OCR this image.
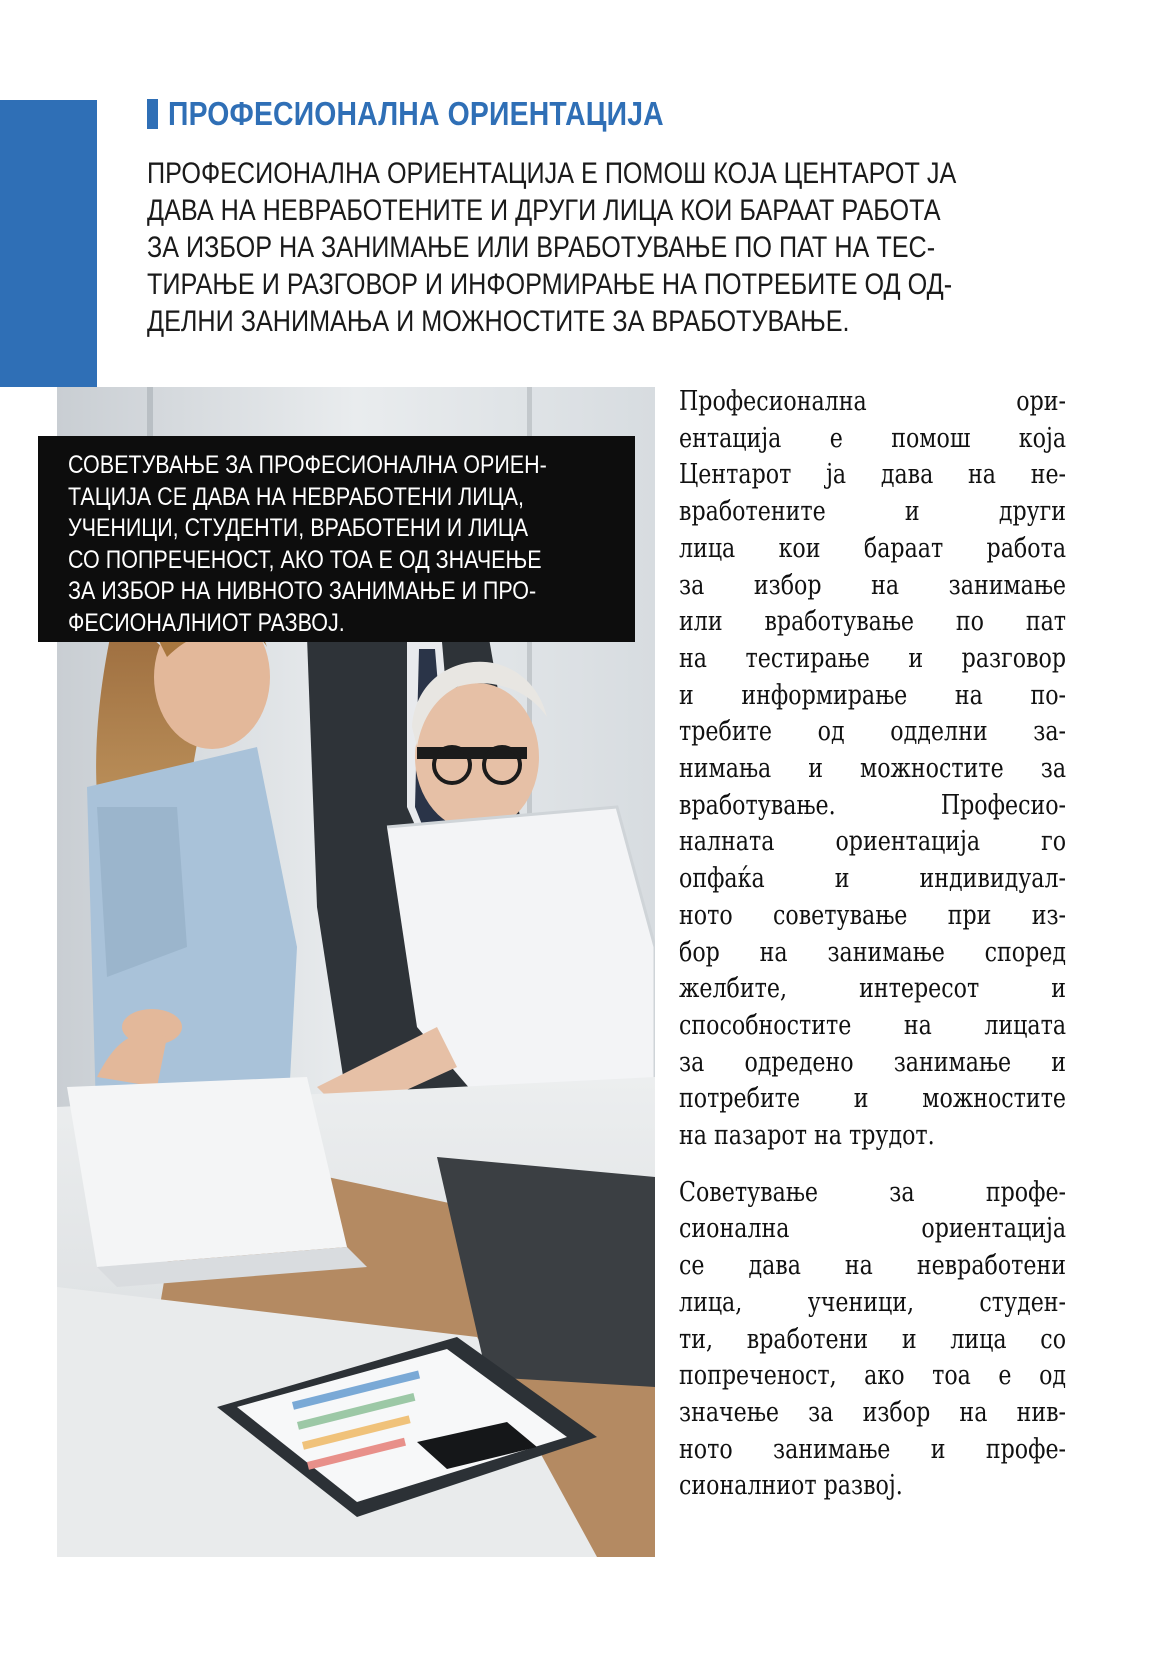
ПРОФЕСИОНАЛНА ОРИЕНТАЦИЈА
ПРОФЕСИОНАЛНА ОРИЕНТАЦИЈА Е ПОМОШ КОЈА ЦЕНТАРОТ ЈА
ДАВА НА НЕВРАБОТЕНИТЕ И ДРУГИ ЛИЦА КОИ БАРААТ РАБОТА
ЗА ИЗБОР НА ЗАНИМАЊЕ ИЛИ ВРАБОТУВАЊЕ ПО ПАТ НА ТЕС-
ТИРАЊЕ И РАЗГОВОР И ИНФОРМИРАЊЕ НА ПОТРЕБИТЕ ОД ОД-
ДЕЛНИ ЗАНИМАЊА И МОЖНОСТИТЕ ЗА ВРАБОТУВАЊЕ.
СОВЕТУВАЊЕ ЗА ПРОФЕСИОНАЛНА ОРИЕН-
ТАЦИЈА СЕ ДАВА НА НЕВРАБОТЕНИ ЛИЦА,
УЧЕНИЦИ, СТУДЕНТИ, ВРАБОТЕНИ И ЛИЦА
СО ПОПРЕЧЕНОСТ, АКО ТОА Е ОД ЗНАЧЕЊЕ
ЗА ИЗБОР НА НИВНОТО ЗАНИМАЊЕ И ПРО-
ФЕСИОНАЛНИОТ РАЗВОЈ.
Професионална ори-
ентација е помош која
Центарот ја дава на не-
вработените и други
лица кои бараат работа
за избор на занимање
или вработување по пат
на тестирање и разговор
и информирање на по-
требите од одделни за-
нимања и можностите за
вработување. Професио-
налната ориентација го
опфаќа и индивидуал-
ното советување при из-
бор на занимање според
желбите, интересот и
способностите на лицата
за одредено занимање и
потребите и можностите
на пазарот на трудот.
Советување за профе-
сионална ориентација
се дава на невработени
лица, ученици, студен-
ти, вработени и лица со
попреченост, ако тоа е од
значење за избор на нив-
ното занимање и профе-
сионалниот развој.
